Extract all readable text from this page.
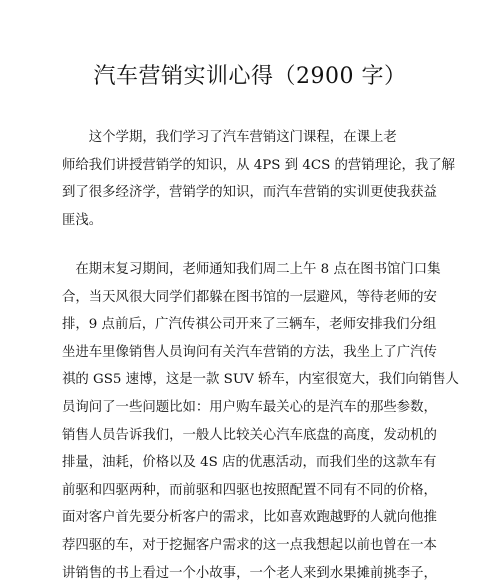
汽车营销实训心得（2900 字）
　　这个学期，我们学习了汽车营销这门课程，在课上老
师给我们讲授营销学的知识，从 4PS 到 4CS 的营销理论，我了解
到了很多经济学，营销学的知识，而汽车营销的实训更使我获益
匪浅。
　在期末复习期间，老师通知我们周二上午 8 点在图书馆门口集
合，当天风很大同学们都躲在图书馆的一层避风，等待老师的安
排，9 点前后，广汽传祺公司开来了三辆车，老师安排我们分组
坐进车里像销售人员询问有关汽车营销的方法，我坐上了广汽传
祺的 GS5 速博，这是一款 SUV 轿车，内室很宽大，我们向销售人
员询问了一些问题比如：用户购车最关心的是汽车的那些参数，
销售人员告诉我们，一般人比较关心汽车底盘的高度，发动机的
排量，油耗，价格以及 4S 店的优惠活动，而我们坐的这款车有
前驱和四驱两种，而前驱和四驱也按照配置不同有不同的价格，
面对客户首先要分析客户的需求，比如喜欢跑越野的人就向他推
荐四驱的车，对于挖掘客户需求的这一点我想起以前也曾在一本
讲销售的书上看过一个小故事，一个老人来到水果摊前挑李子，
